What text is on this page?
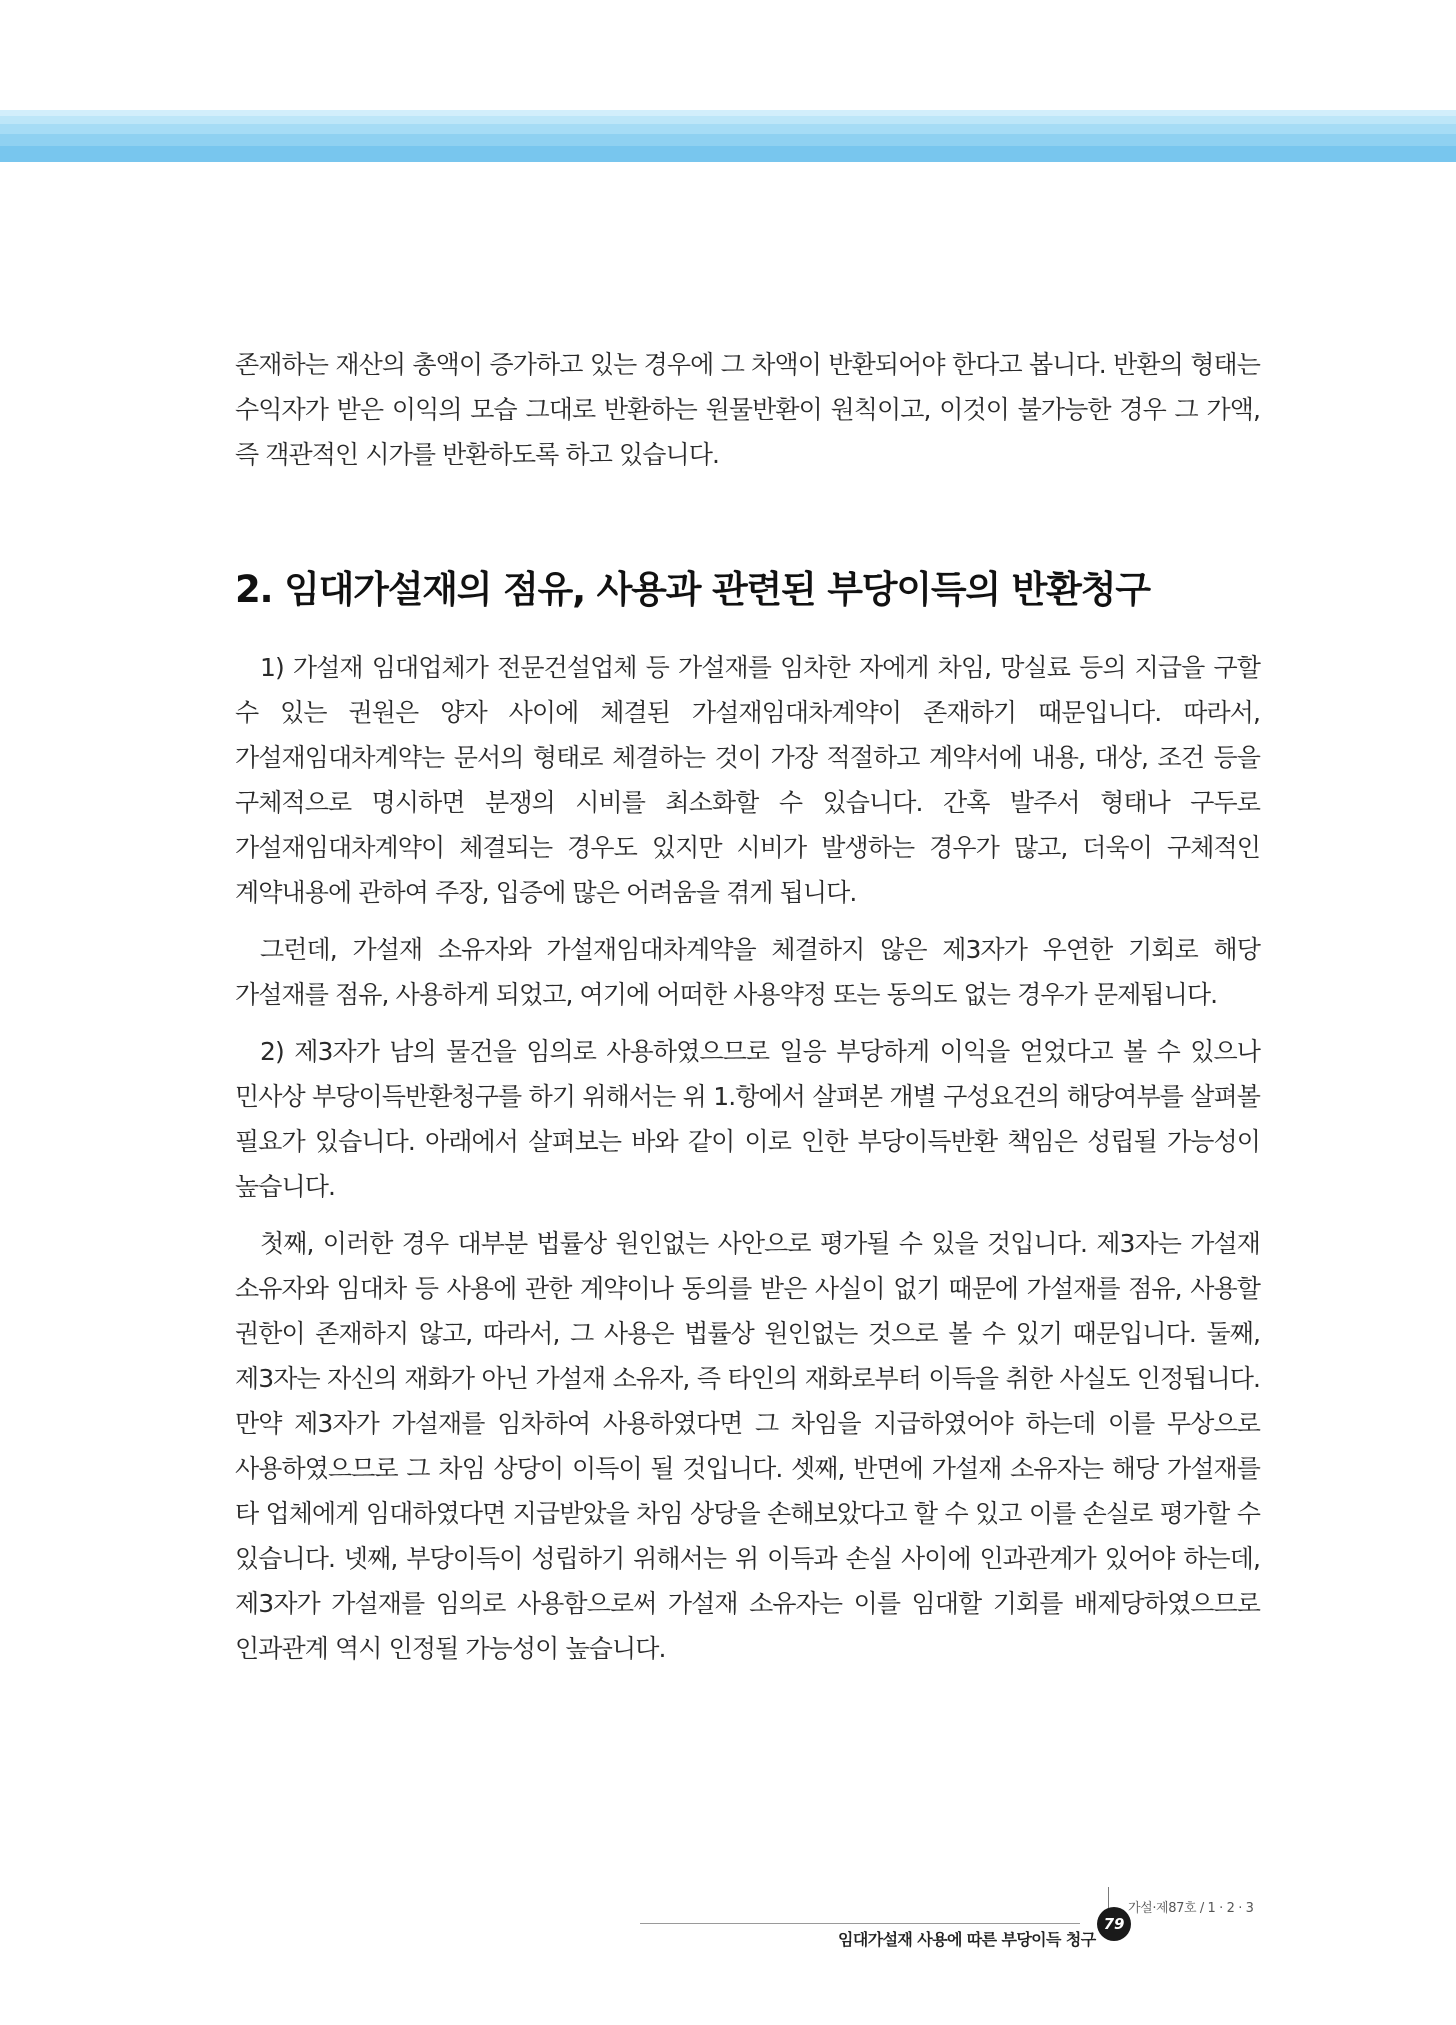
존재하는 재산의 총액이 증가하고 있는 경우에 그 차액이 반환되어야 한다고 봅니다. 반환의 형태는 수익자가 받은 이익의 모습 그대로 반환하는 원물반환이 원칙이고, 이것이 불가능한 경우 그 가액, 즉 객관적인 시가를 반환하도록 하고 있습니다.

2. 임대가설재의 점유, 사용과 관련된 부당이득의 반환청구

1) 가설재 임대업체가 전문건설업체 등 가설재를 임차한 자에게 차임, 망실료 등의 지급을 구할 수 있는 권원은 양자 사이에 체결된 가설재임대차계약이 존재하기 때문입니다. 따라서, 가설재임대차계약는 문서의 형태로 체결하는 것이 가장 적절하고 계약서에 내용, 대상, 조건 등을 구체적으로 명시하면 분쟁의 시비를 최소화할 수 있습니다. 간혹 발주서 형태나 구두로 가설재임대차계약이 체결되는 경우도 있지만 시비가 발생하는 경우가 많고, 더욱이 구체적인 계약내용에 관하여 주장, 입증에 많은 어려움을 겪게 됩니다.

그런데, 가설재 소유자와 가설재임대차계약을 체결하지 않은 제3자가 우연한 기회로 해당 가설재를 점유, 사용하게 되었고, 여기에 어떠한 사용약정 또는 동의도 없는 경우가 문제됩니다.

2) 제3자가 남의 물건을 임의로 사용하였으므로 일응 부당하게 이익을 얻었다고 볼 수 있으나 민사상 부당이득반환청구를 하기 위해서는 위 1.항에서 살펴본 개별 구성요건의 해당여부를 살펴볼 필요가 있습니다. 아래에서 살펴보는 바와 같이 이로 인한 부당이득반환 책임은 성립될 가능성이 높습니다.

첫째, 이러한 경우 대부분 법률상 원인없는 사안으로 평가될 수 있을 것입니다. 제3자는 가설재 소유자와 임대차 등 사용에 관한 계약이나 동의를 받은 사실이 없기 때문에 가설재를 점유, 사용할 권한이 존재하지 않고, 따라서, 그 사용은 법률상 원인없는 것으로 볼 수 있기 때문입니다. 둘째, 제3자는 자신의 재화가 아닌 가설재 소유자, 즉 타인의 재화로부터 이득을 취한 사실도 인정됩니다. 만약 제3자가 가설재를 임차하여 사용하였다면 그 차임을 지급하였어야 하는데 이를 무상으로 사용하였으므로 그 차임 상당이 이득이 될 것입니다. 셋째, 반면에 가설재 소유자는 해당 가설재를 타 업체에게 임대하였다면 지급받았을 차임 상당을 손해보았다고 할 수 있고 이를 손실로 평가할 수 있습니다. 넷째, 부당이득이 성립하기 위해서는 위 이득과 손실 사이에 인과관계가 있어야 하는데, 제3자가 가설재를 임의로 사용함으로써 가설재 소유자는 이를 임대할 기회를 배제당하였으므로 인과관계 역시 인정될 가능성이 높습니다.

가설·제87호 / 1 · 2 · 3
79
임대가설재 사용에 따른 부당이득 청구
